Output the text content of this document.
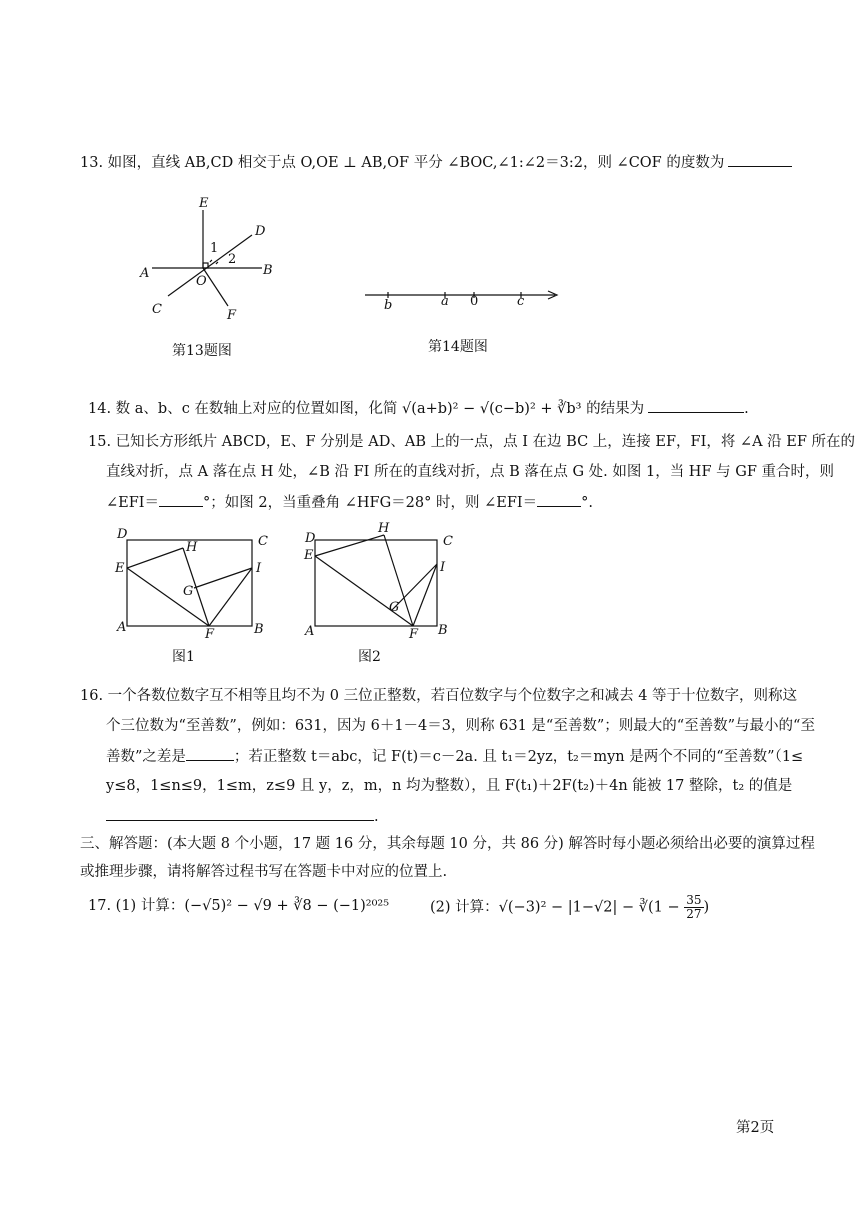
13. 如图，直线 AB,CD 相交于点 O,OE ⊥ AB,OF 平分 ∠BOC,∠1:∠2＝3:2，则 ∠COF 的度数为
E
D
A	B
C
O
F
1
2
第13题图
b	a 0	c
第14题图
14. 数 a、b、c 在数轴上对应的位置如图，化简 √(a+b)² − √(c−b)² + ∛b³ 的结果为	.
15. 已知长方形纸片 ABCD，E、F 分别是 AD、AB 上的一点，点 I 在边 BC 上，连接 EF，FI，将 ∠A 沿 EF 所在的
直线对折，点 A 落在点 H 处，∠B 沿 FI 所在的直线对折，点 B 落在点 G 处. 如图 1，当 HF 与 GF 重合时，则
∠EFI＝	°；如图 2，当重叠角 ∠HFG＝28° 时，则 ∠EFI＝	°.
D	C
H
E	I
G
A	F	B
图1
D	C
H
E
I
G
A	F B
图2
16. 一个各数位数字互不相等且均不为 0 三位正整数，若百位数字与个位数字之和减去 4 等于十位数字，则称这
个三位数为“至善数”，例如：631，因为 6＋1－4＝3，则称 631 是“至善数”；则最大的“至善数”与最小的“至
善数”之差是	；若正整数 t＝abc，记 F(t)＝c－2a. 且 t₁＝2yz，t₂＝myn 是两个不同的“至善数”（1≤
y≤8，1≤n≤9，1≤m，z≤9 且 y，z，m，n 均为整数），且 F(t₁)＋2F(t₂)＋4n 能被 17 整除，t₂ 的值是
.
三、解答题：(本大题 8 个小题，17 题 16 分，其余每题 10 分，共 86 分) 解答时每小题必须给出必要的演算过程
或推理步骤，请将解答过程书写在答题卡中对应的位置上.
17. (1) 计算：(−√5)² − √9 + ∛8 − (−1)²⁰²⁵	(2) 计算：√(−3)² − |1−√2| − ∛(1 − $\frac{35}{27}$ )
第2页
